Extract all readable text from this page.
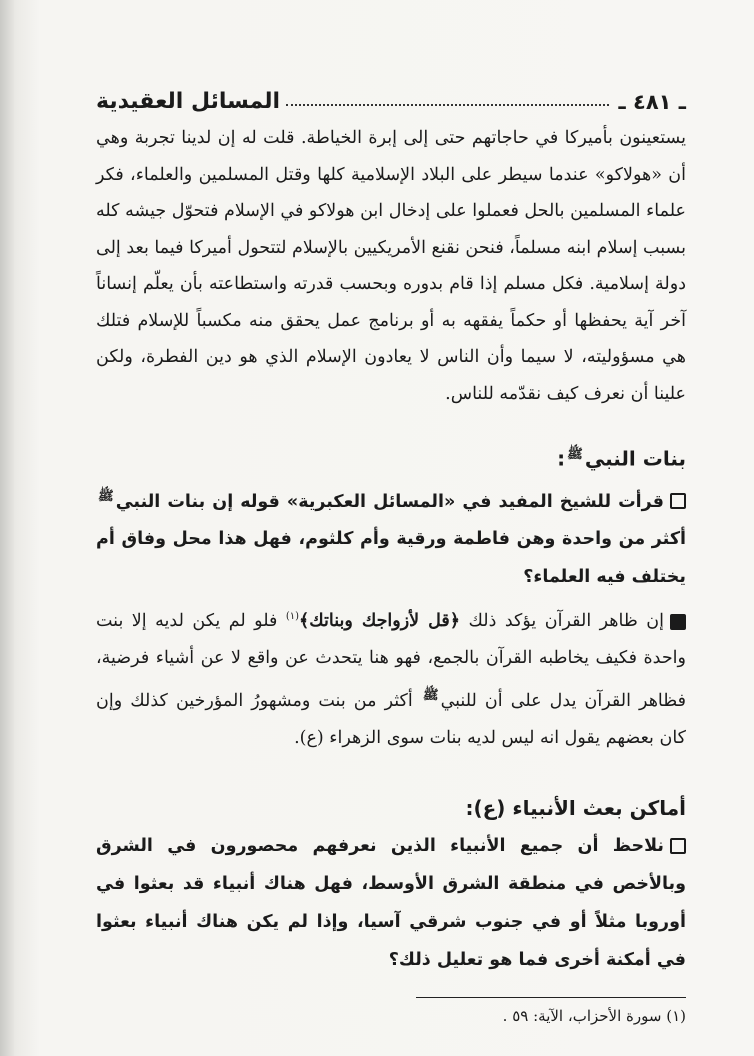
ـ ٤٨١ ـ
المسائل العقيدية

يستعينون بأميركا في حاجاتهم حتى إلى إبرة الخياطة. قلت له إن لدينا تجربة وهي أن «هولاكو» عندما سيطر على البلاد الإسلامية كلها وقتل المسلمين والعلماء، فكر علماء المسلمين بالحل فعملوا على إدخال ابن هولاكو في الإسلام فتحوّل جيشه كله بسبب إسلام ابنه مسلماً، فنحن نقنع الأمريكيين بالإسلام لتتحول أميركا فيما بعد إلى دولة إسلامية. فكل مسلم إذا قام بدوره وبحسب قدرته واستطاعته بأن يعلّم إنساناً آخر آية يحفظها أو حكماً يفقهه به أو برنامج عمل يحقق منه مكسباً للإسلام فتلك هي مسؤوليته، لا سيما وأن الناس لا يعادون الإسلام الذي هو دين الفطرة، ولكن علينا أن نعرف كيف نقدّمه للناس.

بنات النبيﷺ:

قرأت للشيخ المفيد في «المسائل العكبرية» قوله إن بنات النبيﷺ أكثر من واحدة وهن فاطمة ورقية وأم كلثوم، فهل هذا محل وفاق أم يختلف فيه العلماء؟

إن ظاهر القرآن يؤكد ذلك ﴿قل لأزواجك وبناتك﴾$^{(١)}$ فلو لم يكن لديه إلا بنت واحدة فكيف يخاطبه القرآن بالجمع، فهو هنا يتحدث عن واقع لا عن أشياء فرضية، فظاهر القرآن يدل على أن للنبيﷺ أكثر من بنت ومشهورُ المؤرخين كذلك وإن كان بعضهم يقول انه ليس لديه بنات سوى الزهراء (ع).

أماكن بعث الأنبياء (ع):

نلاحظ أن جميع الأنبياء الذين نعرفهم محصورون في الشرق وبالأخص في منطقة الشرق الأوسط، فهل هناك أنبياء قد بعثوا في أوروبا مثلاً أو في جنوب شرقي آسيا، وإذا لم يكن هناك أنبياء بعثوا في أمكنة أخرى فما هو تعليل ذلك؟

(١) سورة الأحزاب، الآية: ٥٩ .
